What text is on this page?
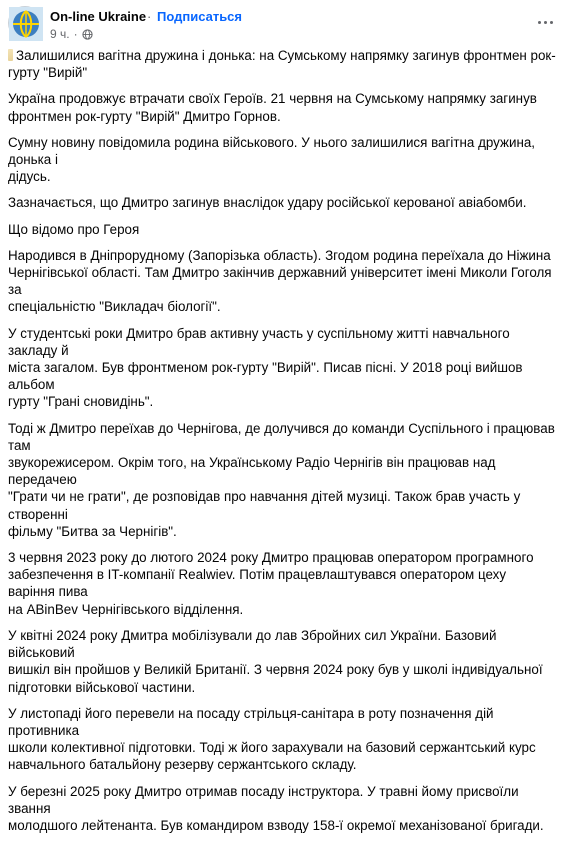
On-line Ukraine · Подписаться
9 ч. ·

Залишилися вагітна дружина і донька: на Сумському напрямку загинув фронтмен рок-гурту "Вирій"

Україна продовжує втрачати своїх Героїв. 21 червня на Сумському напрямку загинув
фронтмен рок-гурту "Вирій" Дмитро Горнов.

Сумну новину повідомила родина військового. У нього залишилися вагітна дружина, донька і
дідусь.

Зазначається, що Дмитро загинув внаслідок удару російської керованої авіабомби.

Що відомо про Героя

Народився в Дніпрорудному (Запорізька область). Згодом родина переїхала до Ніжина
Чернігівської області. Там Дмитро закінчив державний університет імені Миколи Гоголя за
спеціальністю "Викладач біології".

У студентські роки Дмитро брав активну участь у суспільному житті навчального закладу й
міста загалом. Був фронтменом рок-гурту "Вирій". Писав пісні. У 2018 році вийшов альбом
гурту "Грані сновидінь".

Тоді ж Дмитро переїхав до Чернігова, де долучився до команди Суспільного і працював там
звукорежисером. Окрім того, на Українському Радіо Чернігів він працював над передачею
"Грати чи не грати", де розповідав про навчання дітей музиці. Також брав участь у створенні
фільму "Битва за Чернігів".

3 червня 2023 року до лютого 2024 року Дмитро працював оператором програмного
забезпечення в IT-компанії Realwiev. Потім працевлаштувався оператором цеху варіння пива
на ABinBev Чернігівського відділення.

У квітні 2024 року Дмитра мобілізували до лав Збройних сил України. Базовий військовий
вишкіл він пройшов у Великій Британії. З червня 2024 року був у школі індивідуальної
підготовки військової частини.

У листопаді його перевели на посаду стрільця-санітара в роту позначення дій противника
школи колективної підготовки. Тоді ж його зарахували на базовий сержантський курс
навчального батальйону резерву сержантського складу.

У березні 2025 року Дмитро отримав посаду інструктора. У травні йому присвоїли звання
молодшого лейтенанта. Був командиром взводу 158-ї окремої механізованої бригади.
